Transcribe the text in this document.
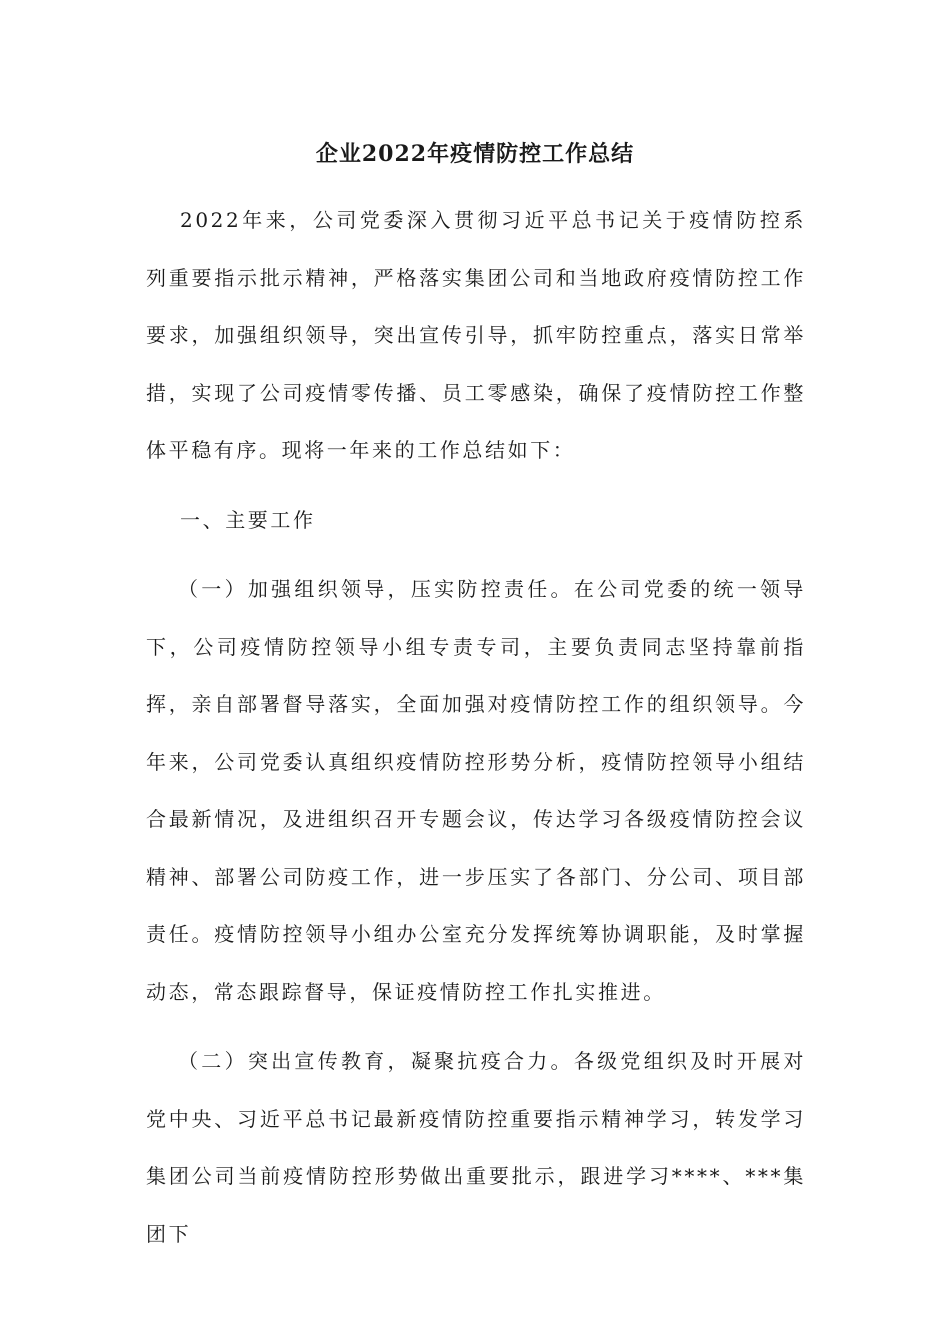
企业2022年疫情防控工作总结
2022年来，公司党委深入贯彻习近平总书记关于疫情防控系列重要指示批示精神，严格落实集团公司和当地政府疫情防控工作要求，加强组织领导，突出宣传引导，抓牢防控重点，落实日常举措，实现了公司疫情零传播、员工零感染，确保了疫情防控工作整体平稳有序。现将一年来的工作总结如下：
一、主要工作
（一）加强组织领导，压实防控责任。在公司党委的统一领导下，公司疫情防控领导小组专责专司，主要负责同志坚持靠前指挥，亲自部署督导落实，全面加强对疫情防控工作的组织领导。今年来，公司党委认真组织疫情防控形势分析，疫情防控领导小组结合最新情况，及进组织召开专题会议，传达学习各级疫情防控会议精神、部署公司防疫工作，进一步压实了各部门、分公司、项目部责任。疫情防控领导小组办公室充分发挥统筹协调职能，及时掌握动态，常态跟踪督导，保证疫情防控工作扎实推进。
（二）突出宣传教育，凝聚抗疫合力。各级党组织及时开展对党中央、习近平总书记最新疫情防控重要指示精神学习，转发学习集团公司当前疫情防控形势做出重要批示，跟进学习****、***集团下
